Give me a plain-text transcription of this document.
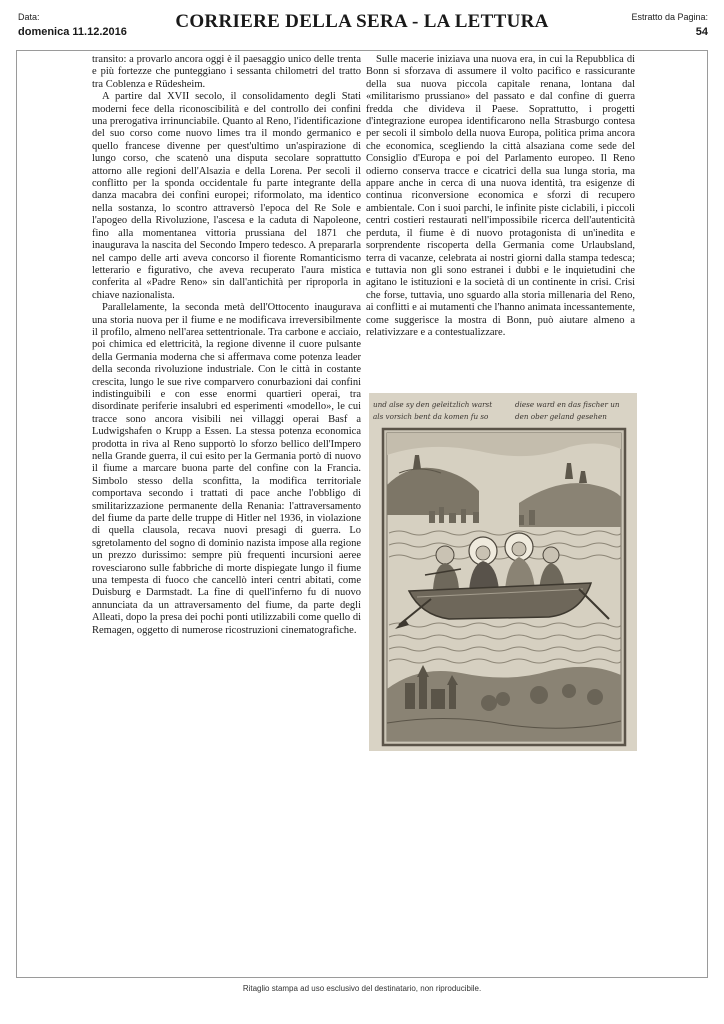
Data:
domenica 11.12.2016	CORRIERE DELLA SERA - LA LETTURA	Estratto da Pagina:
54

transito: a provarlo ancora oggi è il paesaggio unico delle trenta e più fortezze che punteggiano i sessanta chilometri del tratto tra Coblenza e Rüdesheim.

A partire dal XVII secolo, il consolidamento degli Stati moderni fece della riconoscibilità e del controllo dei confini una prerogativa irrinunciabile. Quanto al Reno, l'identificazione del suo corso come nuovo limes tra il mondo germanico e quello francese divenne per quest'ultimo un'aspirazione di lungo corso, che scatenò una disputa secolare soprattutto attorno alle regioni dell'Alsazia e della Lorena. Per secoli il conflitto per la sponda occidentale fu parte integrante della danza macabra dei confini europei; riformolato, ma identico nella sostanza, lo scontro attraversò l'epoca del Re Sole e l'apogeo della Rivoluzione, l'ascesa e la caduta di Napoleone, fino alla momentanea vittoria prussiana del 1871 che inaugurava la nascita del Secondo Impero tedesco. A prepararla nel campo delle arti aveva concorso il fiorente Romanticismo letterario e figurativo, che aveva recuperato l'aura mistica conferita al «Padre Reno» sin dall'antichità per riproporla in chiave nazionalista.

Parallelamente, la seconda metà dell'Ottocento inaugurava una storia nuova per il fiume e ne modificava irreversibilmente il profilo, almeno nell'area settentrionale. Tra carbone e acciaio, poi chimica ed elettricità, la regione divenne il cuore pulsante della Germania moderna che si affermava come potenza leader della seconda rivoluzione industriale. Con le città in costante crescita, lungo le sue rive comparvero conurbazioni dai confini indistinguibili e con esse enormi quartieri operai, tra disordinate periferie insalubri ed esperimenti «modello», le cui tracce sono ancora visibili nei villaggi operai Basf a Ludwigshafen o Krupp a Essen. La stessa potenza economica prodotta in riva al Reno supportò lo sforzo bellico dell'Impero nella Grande guerra, il cui esito per la Germania portò di nuovo il fiume a marcare buona parte del confine con la Francia. Simbolo stesso della sconfitta, la modifica territoriale comportava secondo i trattati di pace anche l'obbligo di smilitarizzazione permanente della Renania: l'attraversamento del fiume da parte delle truppe di Hitler nel 1936, in violazione di quella clausola, recava nuovi presagi di guerra. Lo sgretolamento del sogno di dominio nazista impose alla regione un prezzo durissimo: sempre più frequenti incursioni aeree rovesciarono sulle fabbriche di morte dispiegate lungo il fiume una tempesta di fuoco che cancellò interi centri abitati, come Duisburg e Darmstadt. La fine di quell'inferno fu di nuovo annunciata da un attraversamento del fiume, da parte degli Alleati, dopo la presa dei pochi ponti utilizzabili come quello di Remagen, oggetto di numerose ricostruzioni cinematografiche.

Sulle macerie iniziava una nuova era, in cui la Repubblica di Bonn si sforzava di assumere il volto pacifico e rassicurante della sua nuova piccola capitale renana, lontana dal «militarismo prussiano» del passato e dal confine di guerra fredda che divideva il Paese. Soprattutto, i progetti d'integrazione europea identificarono nella Strasburgo contesa per secoli il simbolo della nuova Europa, politica prima ancora che economica, scegliendo la città alsaziana come sede del Consiglio d'Europa e poi del Parlamento europeo. Il Reno odierno conserva tracce e cicatrici della sua lunga storia, ma appare anche in cerca di una nuova identità, tra esigenze di continua riconversione economica e sforzi di recupero ambientale. Con i suoi parchi, le infinite piste ciclabili, i piccoli centri costieri restaurati nell'impossibile ricerca dell'autenticità perduta, il fiume è di nuovo protagonista di un'inedita e sorprendente riscoperta della Germania come Urlaubsland, terra di vacanze, celebrata ai nostri giorni dalla stampa tedesca; e tuttavia non gli sono estranei i dubbi e le inquietudini che agitano le istituzioni e la società di un continente in crisi. Crisi che forse, tuttavia, uno sguardo alla storia millenaria del Reno, ai conflitti e ai mutamenti che l'hanno animata incessantemente, come suggerisce la mostra di Bonn, può aiutare almeno a relativizzare e a contestualizzare.

und alse sy den geleitzlich warst
als vorsich bent da komen fu so
diese ward en das fischer un
den ober geland gesehen
Ritaglio stampa ad uso esclusivo del destinatario, non riproducibile.
